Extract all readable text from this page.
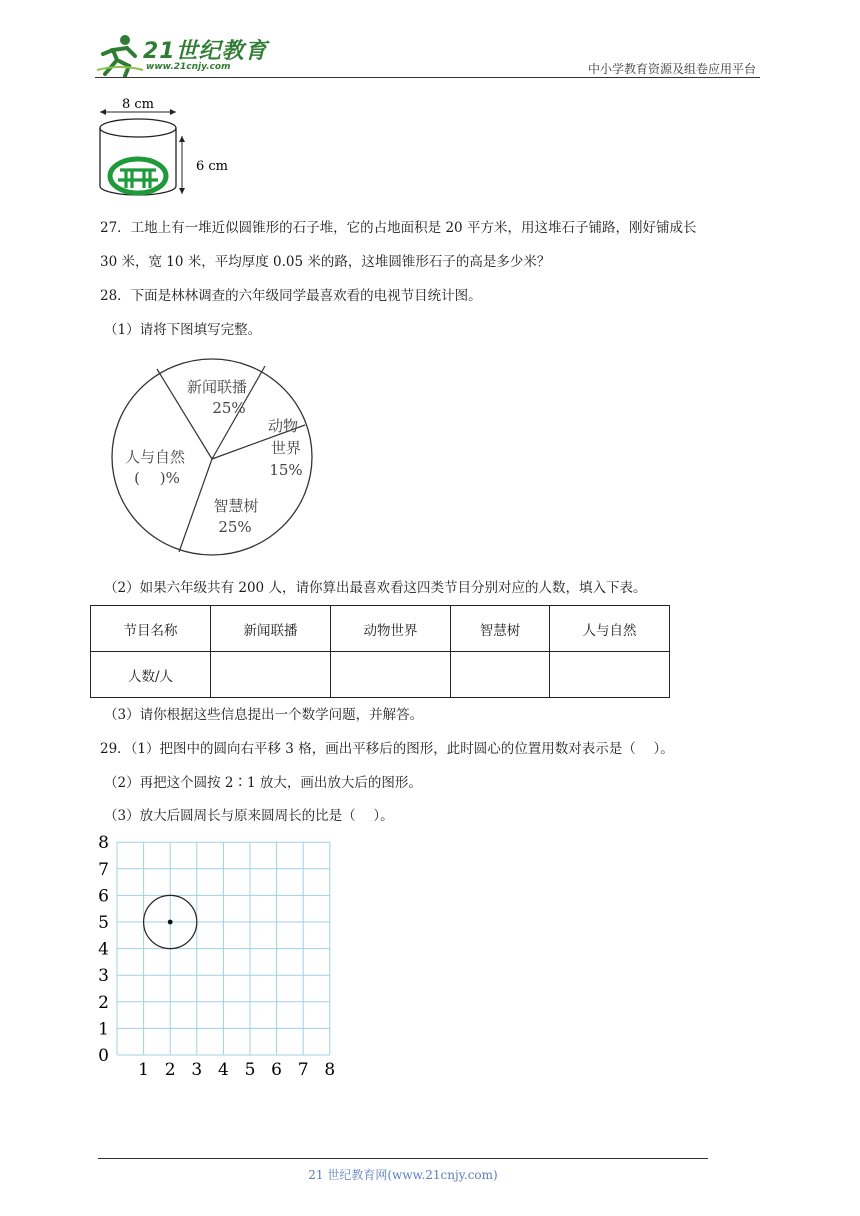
21世纪教育
www.21cnjy.com	中小学教育资源及组卷应用平台
8 cm
6 cm
27．工地上有一堆近似圆锥形的石子堆，它的占地面积是 20 平方米，用这堆石子铺路，刚好铺成长
30 米，宽 10 米，平均厚度 0.05 米的路，这堆圆锥形石子的高是多少米？
28．下面是林林调查的六年级同学最喜欢看的电视节目统计图。
（1）请将下图填写完整。
新闻联播
25%
动物
世界
15%
智慧树
25%
人与自然
(　 )%
（2）如果六年级共有 200 人，请你算出最喜欢看这四类节目分别对应的人数，填入下表。
节目名称	新闻联播	动物世界	智慧树	人与自然
人数/人				
（3）请你根据这些信息提出一个数学问题，并解答。
29．（1）把图中的圆向右平移 3 格，画出平移后的图形，此时圆心的位置用数对表示是（　 ）。
（2）再把这个圆按 2∶1 放大，画出放大后的图形。
（3）放大后圆周长与原来圆周长的比是（　 ）。
0
1
2
3
4
5
6
7
8
1 2 3 4 5 6 7 8
21 世纪教育网(www.21cnjy.com)
